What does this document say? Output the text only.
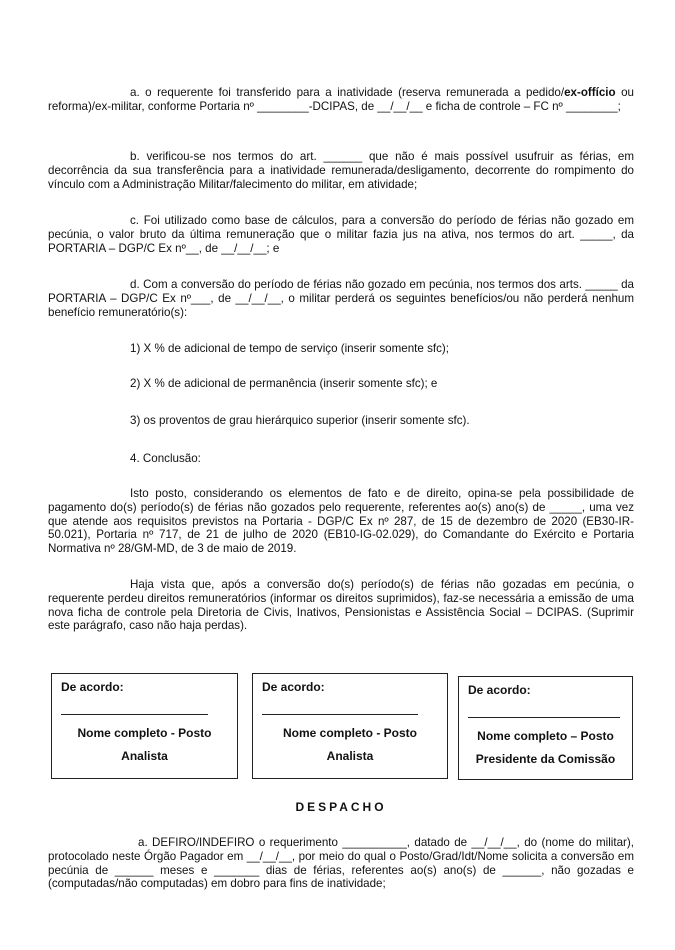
a. o requerente foi transferido para a inatividade (reserva remunerada a pedido/ex-offício ou reforma)/ex-militar, conforme Portaria nº ________-DCIPAS, de __/__/__ e ficha de controle – FC nº ________;

b. verificou-se nos termos do art. ______ que não é mais possível usufruir as férias, em decorrência da sua transferência para a inatividade remunerada/desligamento, decorrente do rompimento do vínculo com a Administração Militar/falecimento do militar, em atividade;

c. Foi utilizado como base de cálculos, para a conversão do período de férias não gozado em pecúnia, o valor bruto da última remuneração que o militar fazia jus na ativa, nos termos do art. _____, da PORTARIA – DGP/C Ex nº__, de __/__/__; e

d. Com a conversão do período de férias não gozado em pecúnia, nos termos dos arts. _____ da PORTARIA – DGP/C Ex nº___, de __/__/__, o militar perderá os seguintes benefícios/ou não perderá nenhum benefício remuneratório(s):

1) X % de adicional de tempo de serviço (inserir somente sfc);
2) X % de adicional de permanência (inserir somente sfc); e
3) os proventos de grau hierárquico superior (inserir somente sfc).
4. Conclusão:

Isto posto, considerando os elementos de fato e de direito, opina-se pela possibilidade de pagamento do(s) período(s) de férias não gozados pelo requerente, referentes ao(s) ano(s) de _____, uma vez que atende aos requisitos previstos na Portaria - DGP/C Ex nº 287, de 15 de dezembro de 2020 (EB30-IR-50.021), Portaria nº 717, de 21 de julho de 2020 (EB10-IG-02.029), do Comandante do Exército e Portaria Normativa nº 28/GM-MD, de 3 de maio de 2019.

Haja vista que, após a conversão do(s) período(s) de férias não gozadas em pecúnia, o requerente perdeu direitos remuneratórios (informar os direitos suprimidos), faz-se necessária a emissão de uma nova ficha de controle pela Diretoria de Civis, Inativos, Pensionistas e Assistência Social – DCIPAS. (Suprimir este parágrafo, caso não haja perdas).

De acordo:
Nome completo - Posto
Analista
De acordo:
Nome completo - Posto
Analista
De acordo:
Nome completo – Posto
Presidente da Comissão
DESPACHO

a. DEFIRO/INDEFIRO o requerimento __________, datado de __/__/__, do (nome do militar), protocolado neste Órgão Pagador em __/__/__, por meio do qual o Posto/Grad/Idt/Nome solicita a conversão em pecúnia de ______ meses e _______ dias de férias, referentes ao(s) ano(s) de ______, não gozadas e (computadas/não computadas) em dobro para fins de inatividade;
